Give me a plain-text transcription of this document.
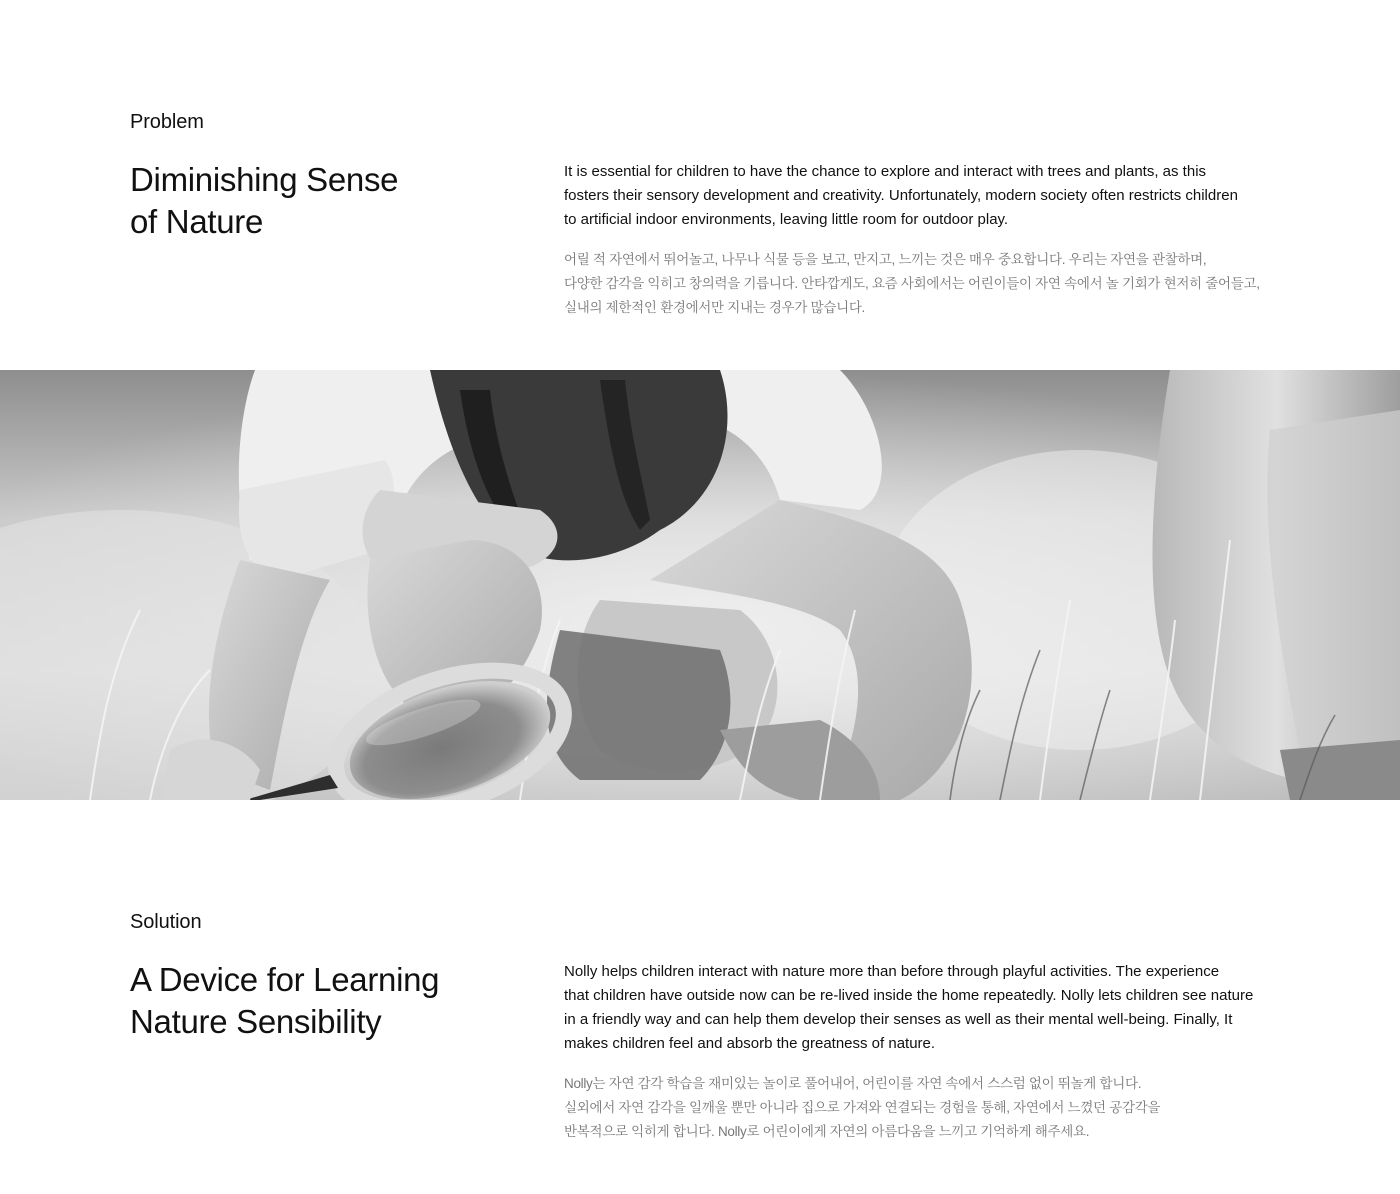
Problem
Diminishing Sense
of Nature

It is essential for children to have the chance to explore and interact with trees and plants, as this
fosters their sensory development and creativity. Unfortunately, modern society often restricts children
to artificial indoor environments, leaving little room for outdoor play.

어릴 적 자연에서 뛰어놀고, 나무나 식물 등을 보고, 만지고, 느끼는 것은 매우 중요합니다. 우리는 자연을 관찰하며,
다양한 감각을 익히고 창의력을 기릅니다. 안타깝게도, 요즘 사회에서는 어린이들이 자연 속에서 놀 기회가 현저히 줄어들고,
실내의 제한적인 환경에서만 지내는 경우가 많습니다.

Solution
A Device for Learning
Nature Sensibility

Nolly helps children interact with nature more than before through playful activities. The experience
that children have outside now can be re-lived inside the home repeatedly. Nolly lets children see nature
in a friendly way and can help them develop their senses as well as their mental well-being. Finally, It
makes children feel and absorb the greatness of nature.

Nolly는 자연 감각 학습을 재미있는 놀이로 풀어내어, 어린이를 자연 속에서 스스럼 없이 뛰놀게 합니다.
실외에서 자연 감각을 일깨울 뿐만 아니라 집으로 가져와 연결되는 경험을 통해, 자연에서 느꼈던 공감각을
반복적으로 익히게 합니다. Nolly로 어린이에게 자연의 아름다움을 느끼고 기억하게 해주세요.
